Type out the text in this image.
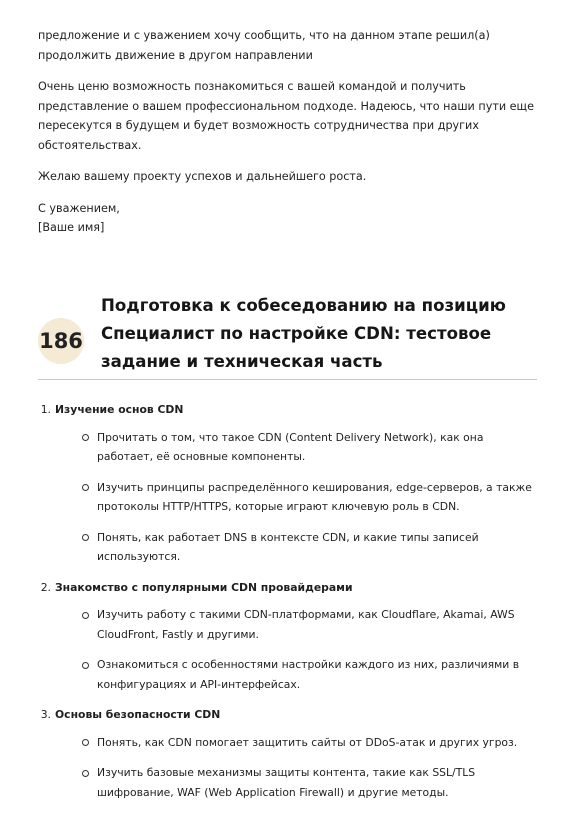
предложение и с уважением хочу сообщить, что на данном этапе решил(а) продолжить движение в другом направлении

Очень ценю возможность познакомиться с вашей командой и получить представление о вашем профессиональном подходе. Надеюсь, что наши пути еще пересекутся в будущем и будет возможность сотрудничества при других обстоятельствах.

Желаю вашему проекту успехов и дальнейшего роста.

С уважением,

[Ваше имя]

186
Подготовка к собеседованию на позицию Специалист по настройке CDN: тестовое задание и техническая часть

1. Изучение основ CDN

Прочитать о том, что такое CDN (Content Delivery Network), как она работает, её основные компоненты.
Изучить принципы распределённого кеширования, edge-серверов, а также протоколы HTTP/HTTPS, которые играют ключевую роль в CDN.
Понять, как работает DNS в контексте CDN, и какие типы записей используются.

2. Знакомство с популярными CDN провайдерами

Изучить работу с такими CDN-платформами, как Cloudflare, Akamai, AWS CloudFront, Fastly и другими.
Ознакомиться с особенностями настройки каждого из них, различиями в конфигурациях и API-интерфейсах.

3. Основы безопасности CDN

Понять, как CDN помогает защитить сайты от DDoS-атак и других угроз.
Изучить базовые механизмы защиты контента, такие как SSL/TLS шифрование, WAF (Web Application Firewall) и другие методы.
